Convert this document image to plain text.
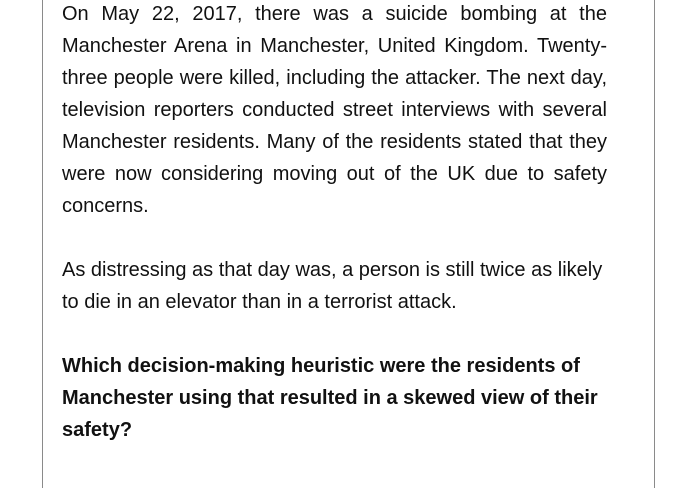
On May 22, 2017, there was a suicide bombing at the Manchester Arena in Manchester, United Kingdom. Twenty-three people were killed, including the attacker. The next day, television reporters conducted street interviews with several Manchester residents. Many of the residents stated that they were now considering moving out of the UK due to safety concerns.

As distressing as that day was, a person is still twice as likely to die in an elevator than in a terrorist attack.

Which decision-making heuristic were the residents of Manchester using that resulted in a skewed view of their safety?
